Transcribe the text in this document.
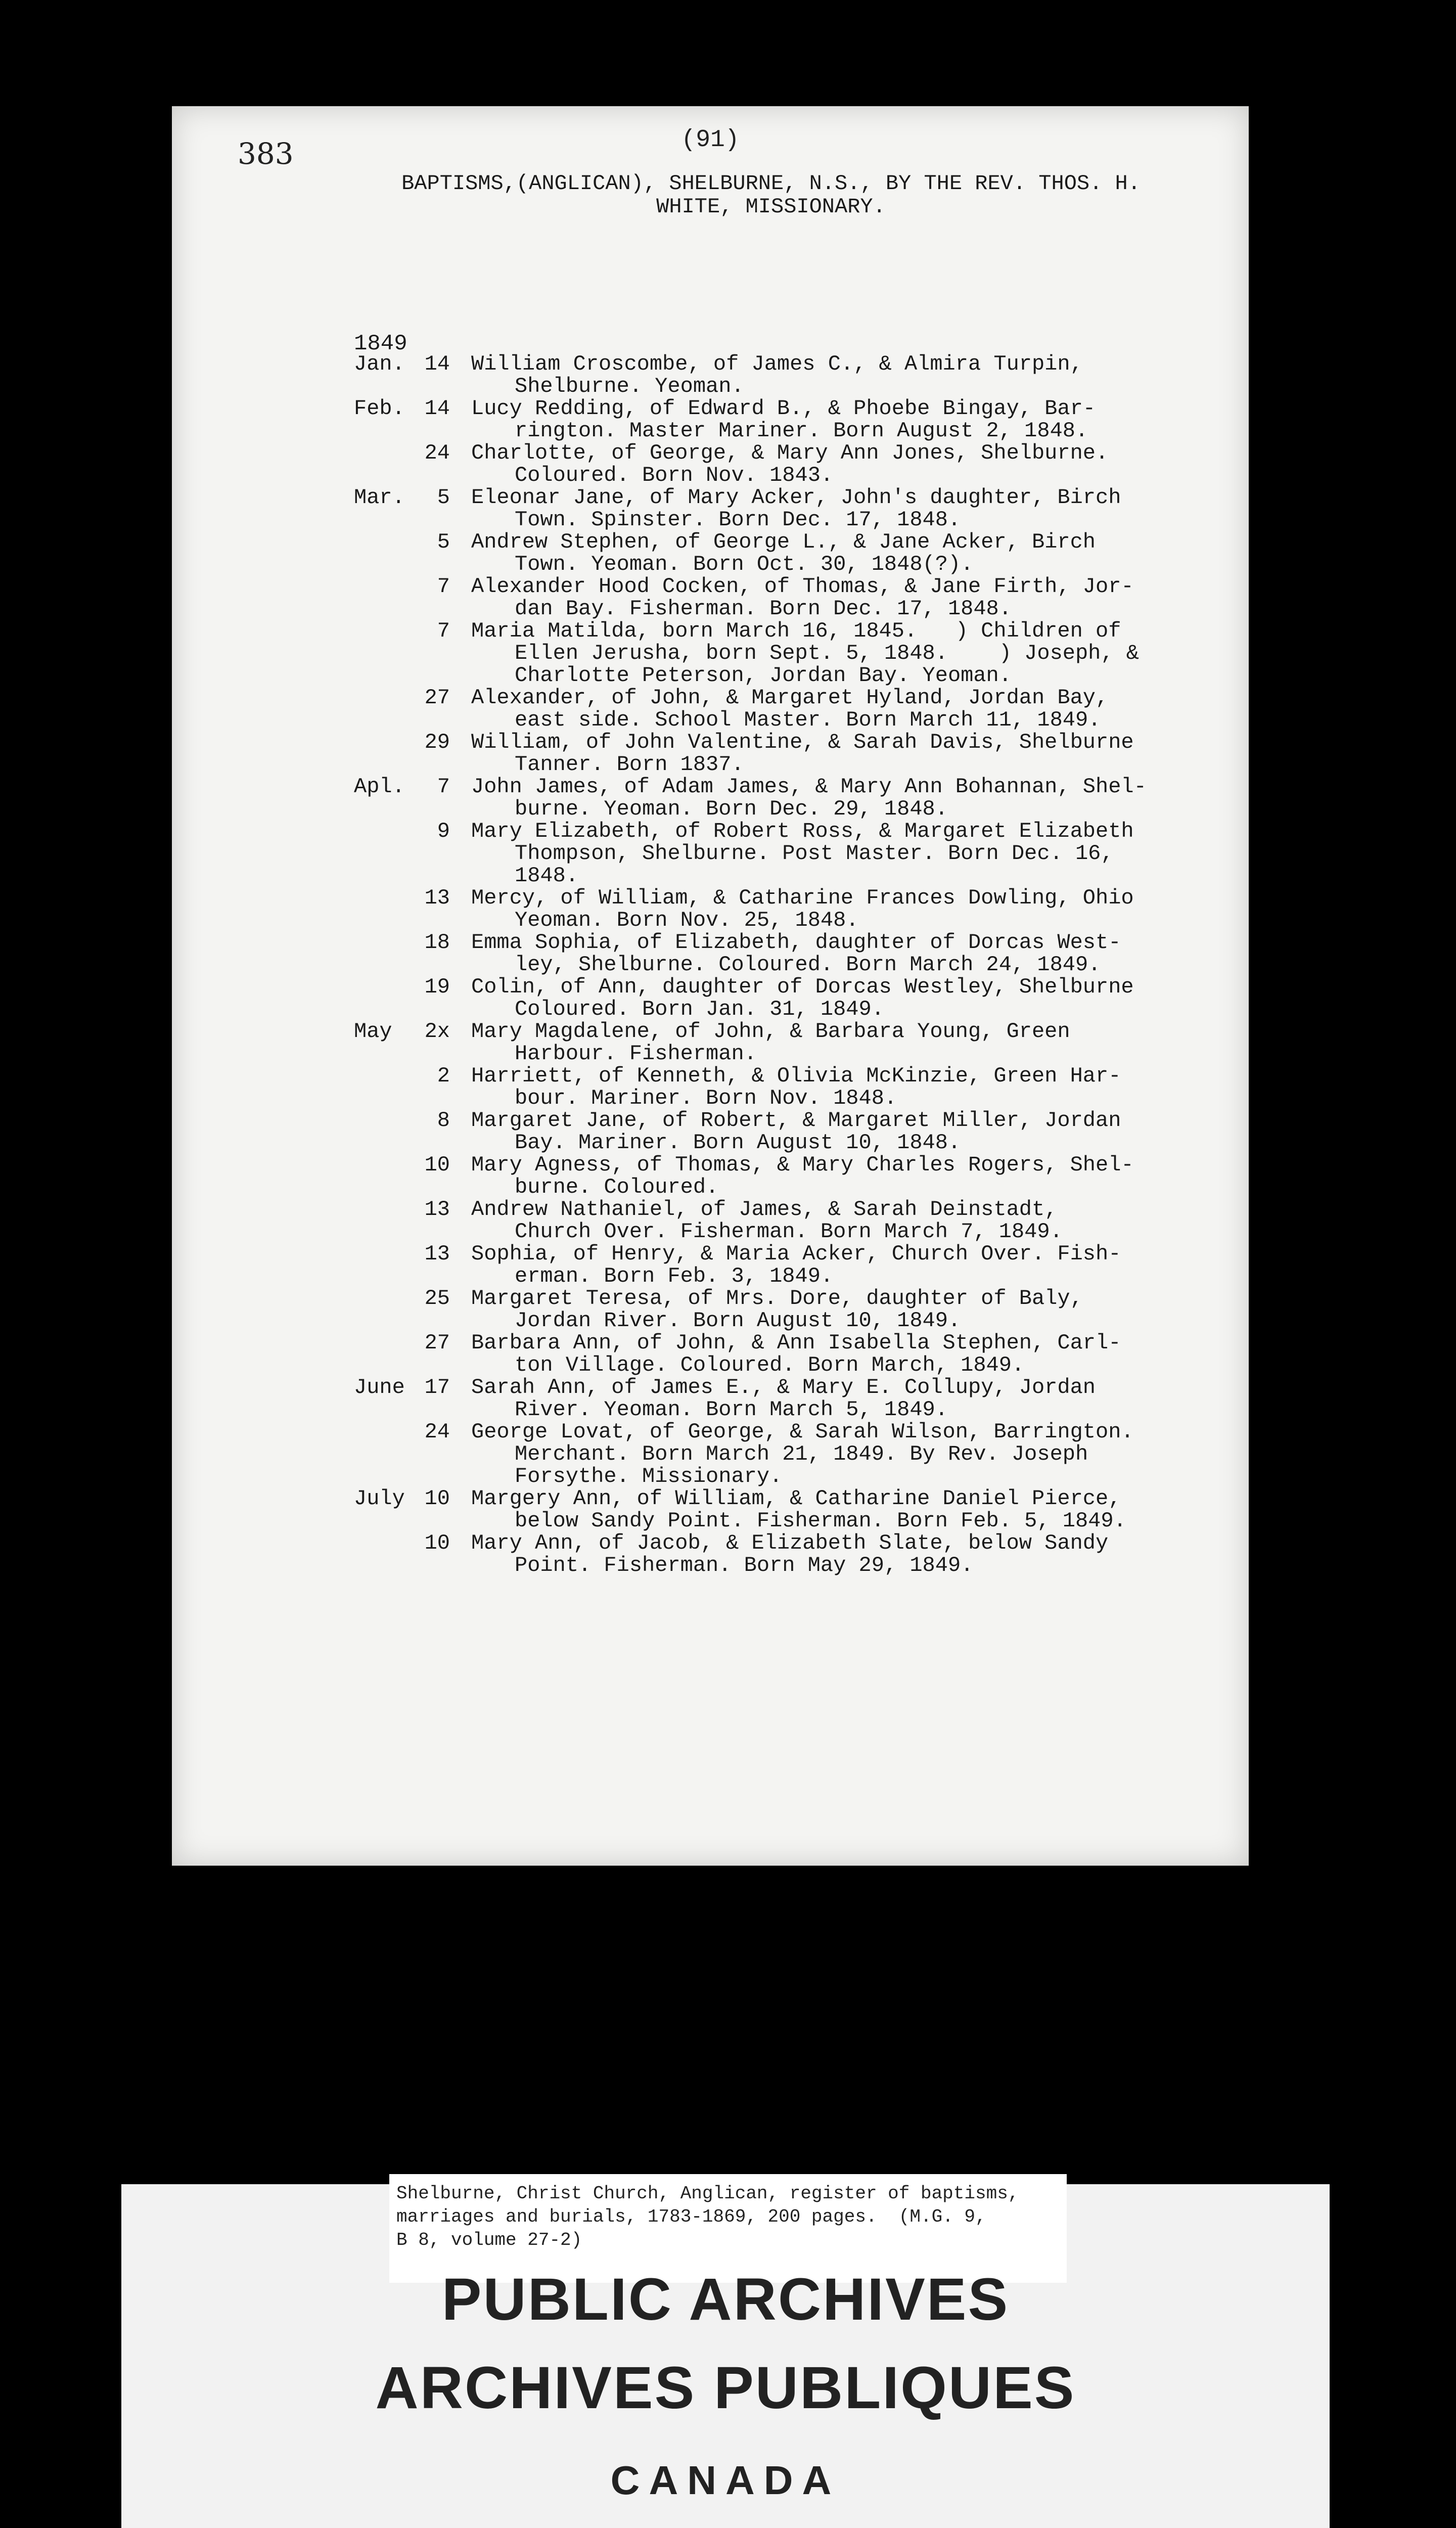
383	(91)
BAPTISMS,(ANGLICAN), SHELBURNE, N.S., BY THE REV. THOS. H.
WHITE, MISSIONARY.
1849
Jan. 14 William Croscombe, of James C., & Almira Turpin,
Shelburne. Yeoman.
Feb. 14 Lucy Redding, of Edward B., & Phoebe Bingay, Bar-
rington. Master Mariner. Born August 2, 1848.
24 Charlotte, of George, & Mary Ann Jones, Shelburne.
Coloured. Born Nov. 1843.
Mar.	5 Eleonar Jane, of Mary Acker, John's daughter, Birch
Town. Spinster. Born Dec. 17, 1848.
5 Andrew Stephen, of George L., & Jane Acker, Birch
Town. Yeoman. Born Oct. 30, 1848(?).
7 Alexander Hood Cocken, of Thomas, & Jane Firth, Jor-
dan Bay. Fisherman. Born Dec. 17, 1848.
7 Maria Matilda, born March 16, 1845.   ) Children of
Ellen Jerusha, born Sept. 5, 1848.    ) Joseph, &
Charlotte Peterson, Jordan Bay. Yeoman.
27 Alexander, of John, & Margaret Hyland, Jordan Bay,
east side. School Master. Born March 11, 1849.
29 William, of John Valentine, & Sarah Davis, Shelburne
Tanner. Born 1837.
Apl.	7 John James, of Adam James, & Mary Ann Bohannan, Shel-
burne. Yeoman. Born Dec. 29, 1848.
9 Mary Elizabeth, of Robert Ross, & Margaret Elizabeth
Thompson, Shelburne. Post Master. Born Dec. 16,
1848.
13 Mercy, of William, & Catharine Frances Dowling, Ohio
Yeoman. Born Nov. 25, 1848.
18 Emma Sophia, of Elizabeth, daughter of Dorcas West-
ley, Shelburne. Coloured. Born March 24, 1849.
19 Colin, of Ann, daughter of Dorcas Westley, Shelburne
Coloured. Born Jan. 31, 1849.
May	2x Mary Magdalene, of John, & Barbara Young, Green
Harbour. Fisherman.
2 Harriett, of Kenneth, & Olivia McKinzie, Green Har-
bour. Mariner. Born Nov. 1848.
8 Margaret Jane, of Robert, & Margaret Miller, Jordan
Bay. Mariner. Born August 10, 1848.
10 Mary Agness, of Thomas, & Mary Charles Rogers, Shel-
burne. Coloured.
13 Andrew Nathaniel, of James, & Sarah Deinstadt,
Church Over. Fisherman. Born March 7, 1849.
13 Sophia, of Henry, & Maria Acker, Church Over. Fish-
erman. Born Feb. 3, 1849.
25 Margaret Teresa, of Mrs. Dore, daughter of Baly,
Jordan River. Born August 10, 1849.
27 Barbara Ann, of John, & Ann Isabella Stephen, Carl-
ton Village. Coloured. Born March, 1849.
June 17 Sarah Ann, of James E., & Mary E. Collupy, Jordan
River. Yeoman. Born March 5, 1849.
24 George Lovat, of George, & Sarah Wilson, Barrington.
Merchant. Born March 21, 1849. By Rev. Joseph
Forsythe. Missionary.
July 10 Margery Ann, of William, & Catharine Daniel Pierce,
below Sandy Point. Fisherman. Born Feb. 5, 1849.
10 Mary Ann, of Jacob, & Elizabeth Slate, below Sandy
Point. Fisherman. Born May 29, 1849.
Shelburne, Christ Church, Anglican, register of baptisms,
marriages and burials, 1783-1869, 200 pages.  (M.G. 9,
B 8, volume 27-2)
PUBLIC ARCHIVES
ARCHIVES PUBLIQUES
CANADA
